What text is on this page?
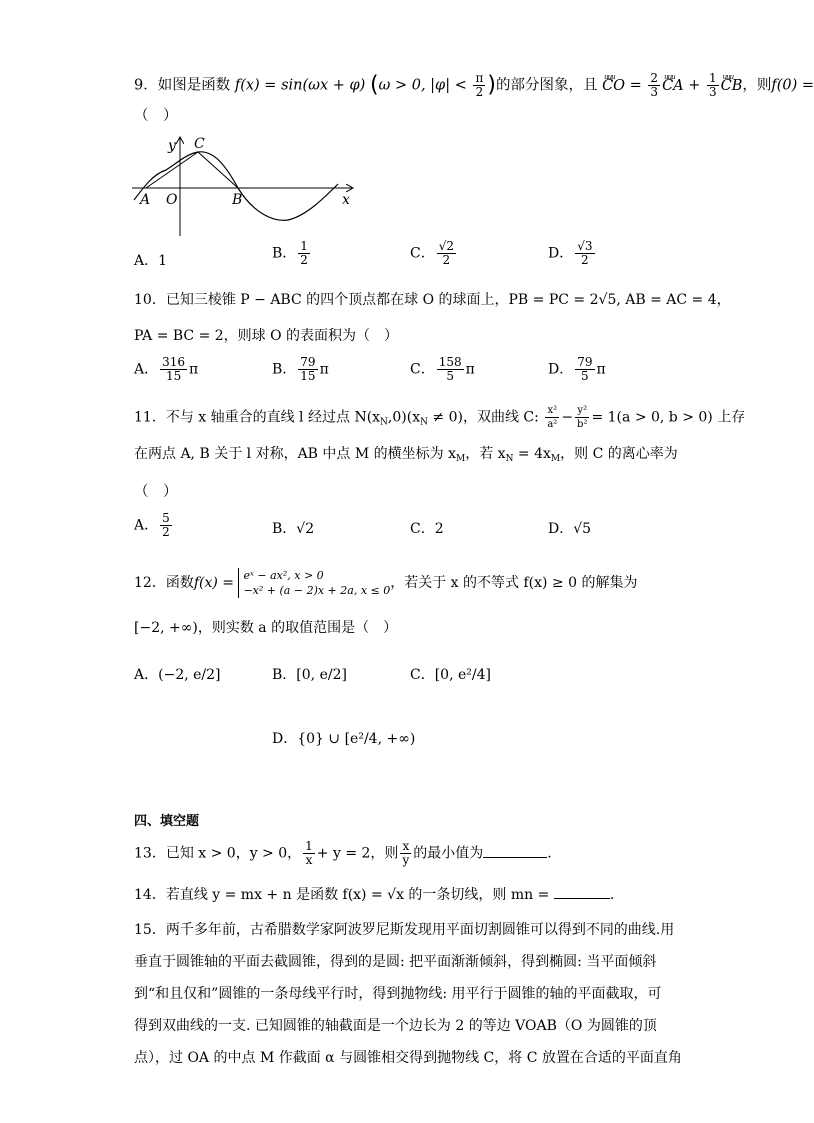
9．如图是函数 f(x) = sin(ωx + φ) (ω > 0, $|\varphi| < \frac{\pi}{2}$ )的部分图象，且 uuu CO = $\frac{2}{3}$ uuu CA + $\frac{1}{3}$ uuu CB，则f(0) =
（　）
y C
x
A O	B
A．1	B． $\frac{1}{2}$	C． $\frac{√2}{2}$	D． $\frac{√3}{2}$
10．已知三棱锥 P − ABC 的四个顶点都在球 O 的球面上，PB = PC = 2√5, AB = AC = 4，
PA = BC = 2，则球 O 的表面积为（　）
A． $\frac{316}{15}$ π	B． $\frac{79}{15}$ π	C． $\frac{158}{5}$ π	D． $\frac{79}{5}$ π
11．不与 x 轴重合的直线 l 经过点 $N(x_N,0)(x_N \ne 0)$，双曲线 C: $\frac{\text{x²}}{\text{a²}} - \frac{\text{y²}}{\text{b²}} = 1(a > 0$, b > 0) 上存
在两点 A, B 关于 l 对称，AB 中点 M 的横坐标为 $x_M$，若 $x_N = 4x_M$，则 C 的离心率为
（　）
A． $\frac{5}{2}$	B．√2	C．2	D．√5
12．函数f(x) = eˣ − ax², x > 0
−x² + (a − 2)x + 2a, x ≤ 0 ，若关于 x 的不等式 f(x) ≥ 0 的解集为
[−2, +∞)，则实数 a 的取值范围是（　）
A．(−2, e/2]	B．[0, e/2]	C．[0, e²/4]
D．{0} ∪ [e²/4, +∞)
四、填空题
13．已知 x > 0，y > 0， $\frac{1}{x} + y = 2$，则 $\frac{x}{y}$ 的最小值为	.
14．若直线 y = mx + n 是函数 f(x) = √x 的一条切线，则 mn =	.
15．两千多年前，古希腊数学家阿波罗尼斯发现用平面切割圆锥可以得到不同的曲线.用
垂直于圆锥轴的平面去截圆锥，得到的是圆: 把平面渐渐倾斜，得到椭圆: 当平面倾斜
到“和且仅和”圆锥的一条母线平行时，得到抛物线: 用平行于圆锥的轴的平面截取，可
得到双曲线的一支. 已知圆锥的轴截面是一个边长为 2 的等边 VOAB（O 为圆锥的顶
点），过 OA 的中点 M 作截面 α 与圆锥相交得到抛物线 C，将 C 放置在合适的平面直角
